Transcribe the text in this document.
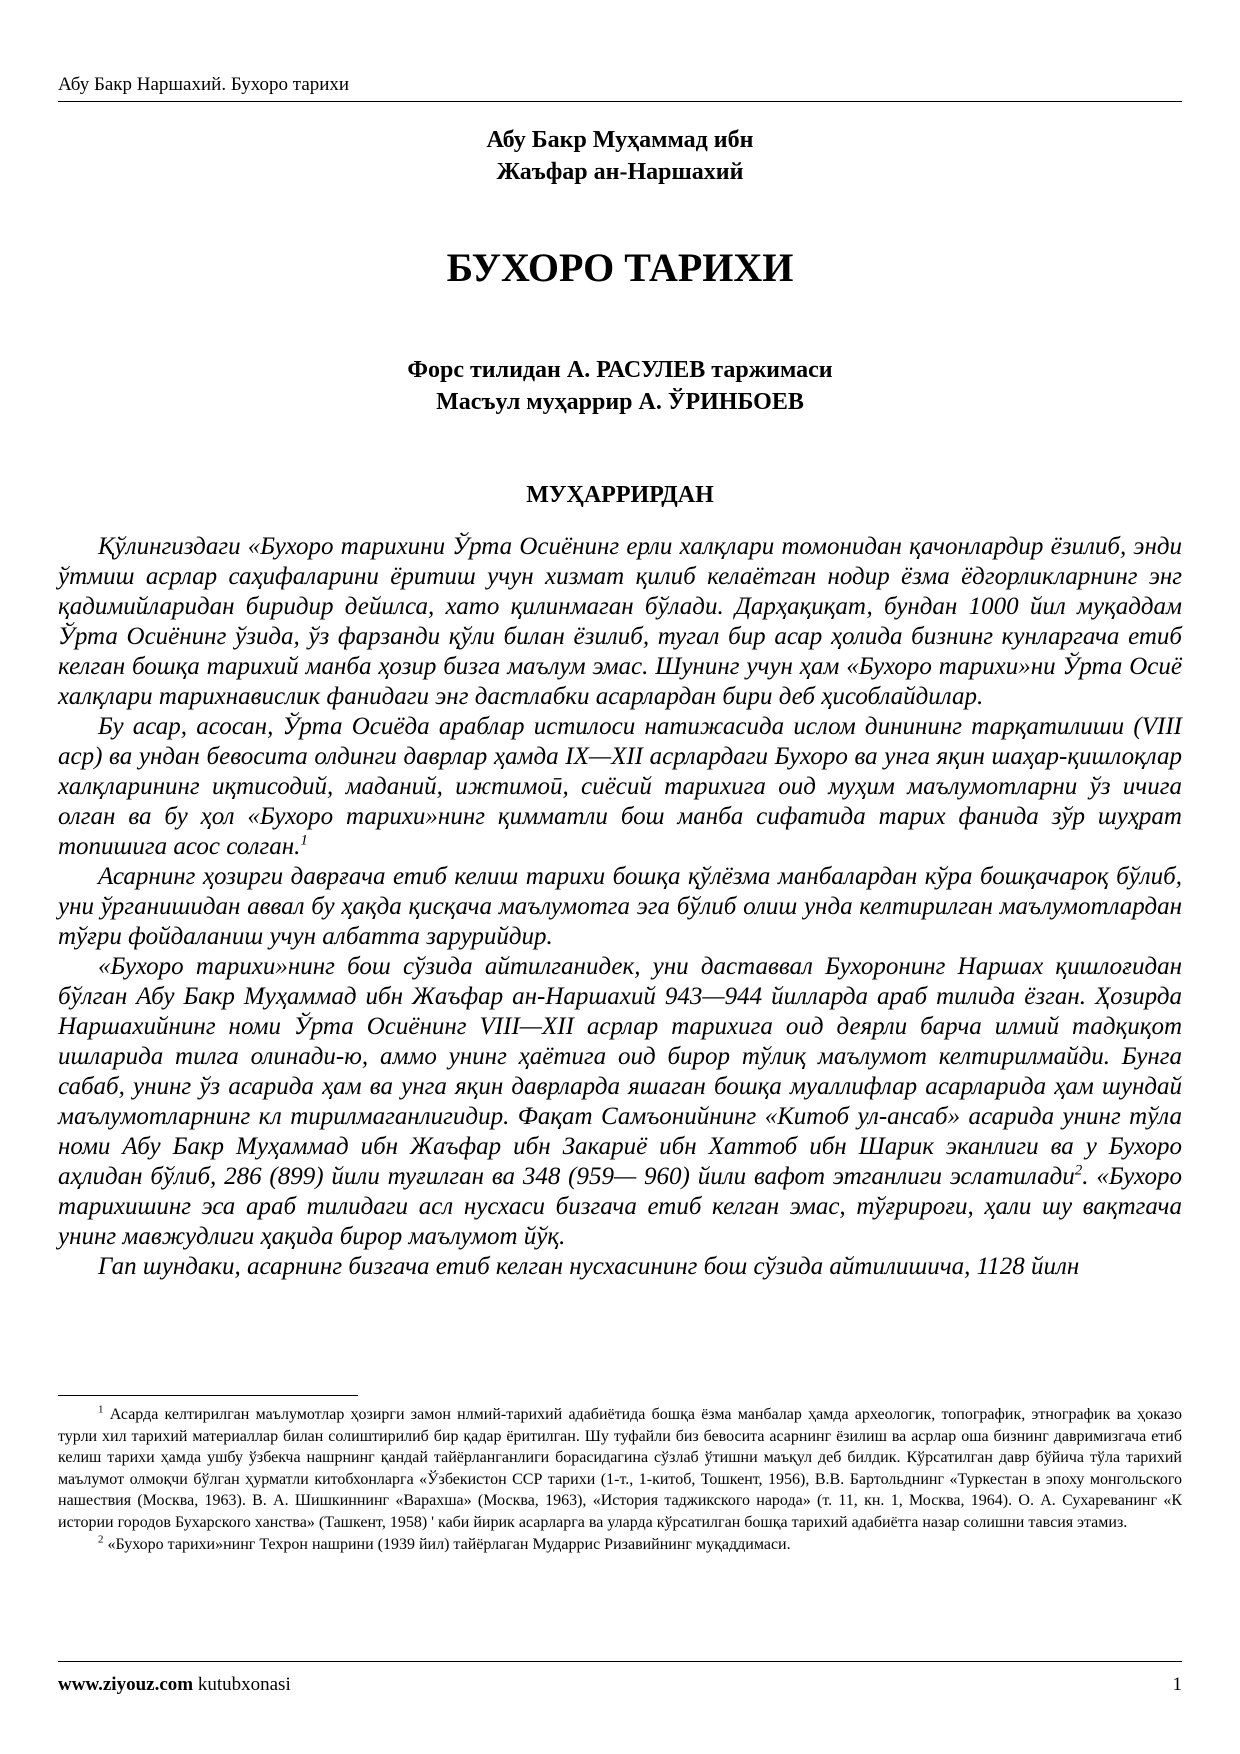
Абу Бакр Наршахий. Бухоро тарихи
Абу Бакр Муҳаммад ибн
Жаъфар ан-Наршахий
БУХОРО ТАРИХИ
Форс тилидан А. РАСУЛЕВ таржимаси
Масъул муҳаррир А. ЎРИНБОЕВ
МУҲАРРИРДАН

Қўлингиздаги «Бухоро тарихини Ўрта Осиёнинг ерли халқлари томонидан қачонлардир ёзилиб, энди ўтмиш асрлар саҳифаларини ёритиш учун хизмат қилиб келаётган нодир ёзма ёдгорликларнинг энг қадимийларидан биридир дейилса, хато қилинмаган бўлади. Дарҳақиқат, бундан 1000 йил муқаддам Ўрта Осиёнинг ўзида, ўз фарзанди қўли билан ёзилиб, тугал бир асар ҳолида бизнинг кунларгача етиб келган бошқа тарихий манба ҳозир бизга маълум эмас. Шунинг учун ҳам «Бухоро тарихи»ни Ўрта Осиё халқлари тарихнавислик фанидаги энг дастлабки асарлардан бири деб ҳисоблайдилар.

Бу асар, асосан, Ўрта Осиёда араблар истилоси натижасида ислом динининг тарқатилиши (VIII аср) ва ундан бевосита олдинги даврлар ҳамда IX—XII асрлардаги Бухоро ва унга яқин шаҳар-қишлоқлар халқларининг иқтисодий, маданий, ижтимоӣ, сиёсий тарихига оид муҳим маълумотларни ўз ичига олган ва бу ҳол «Бухоро тарихи»нинг қимматли бош манба сифатида тарих фанида зўр шуҳрат топишига асос солган.$^1$

Асарнинг ҳозирги даврғача етиб келиш тарихи бошқа қўлёзма манбалардан кўра бошқачароқ бўлиб, уни ўрганишидан аввал бу ҳақда қисқача маълумотга эга бўлиб олиш унда келтирилган маълумотлардан тўғри фойдаланиш учун албатта зарурийдир.

«Бухоро тарихи»нинг бош сўзида айтилганидек, уни даставвал Бухоронинг Наршах қишлоғидан бўлган Абу Бакр Муҳаммад ибн Жаъфар ан-Наршахий 943—944 йилларда араб тилида ёзган. Ҳозирда Наршахийнинг номи Ўрта Осиёнинг VIII—XII асрлар тарихига оид деярли барча илмий тадқиқот ишларида тилга олинади-ю, аммо унинг ҳаётига оид бирор тўлиқ маълумот келтирилмайди. Бунга сабаб, унинг ўз асарида ҳам ва унга яқин даврларда яшаган бошқа муаллифлар асарларида ҳам шундай маълумотларнинг кл тирилмаганлигидир. Фақат Самъонийнинг «Китоб ул-ансаб» асарида унинг тўла номи Абу Бакр Муҳаммад ибн Жаъфар ибн Закариё ибн Хаттоб ибн Шарик эканлиги ва у Бухоро аҳлидан бўлиб, 286 (899) йили туғилган ва 348 (959— 960) йили вафот этганлиги эслатилади$^2$. «Бухоро тарихишинг эса араб тилидаги асл нусхаси бизгача етиб келган эмас, тўғрироғи, ҳали шу вақтгача унинг мавжудлиги ҳақида бирор маълумот йўқ.

Гап шундаки, асарнинг бизгача етиб келган нусхасининг бош сўзида айтилишича, 1128 йилн

$^1$ Асарда келтирилган маълумотлар ҳозирги замон нлмий-тарихий адабиётида бошқа ёзма манбалар ҳамда археологик, топографик, этнографик ва ҳоказо турли хил тарихий материаллар билан солиштирилиб бир қадар ёритилган. Шу туфайли биз бевосита асарнинг ёзилиш ва асрлар оша бизнинг давримизгача етиб келиш тарихи ҳамда ушбу ўзбекча нашрнинг қандай тайёрланганлиги борасидагина сўзлаб ўтишни маъқул деб билдик. Кўрсатилган давр бўйича тўла тарихий маълумот олмоқчи бўлган ҳурматли китобхонларга «Ўзбекистон ССР тарихи (1-т., 1-китоб, Тошкент, 1956), В.В. Бартольднинг «Туркестан в эпоху монгольского нашествия (Москва, 1963). В. А. Шишкиннинг «Варахша» (Москва, 1963), «История таджикского народа» (т. 11, кн. 1, Москва, 1964). О. А. Сухареванинг «К истории городов Бухарского ханства» (Ташкент, 1958) ' каби йирик асарларга ва уларда кўрсатилган бошқа тарихий адабиётга назар солишни тавсия этамиз.

$^2$ «Бухоро тарихи»нинг Техрон нашрини (1939 йил) тайёрлаган Мударрис Ризавийнинг муқаддимаси.

www.ziyouz.com kutubxonasi	1
